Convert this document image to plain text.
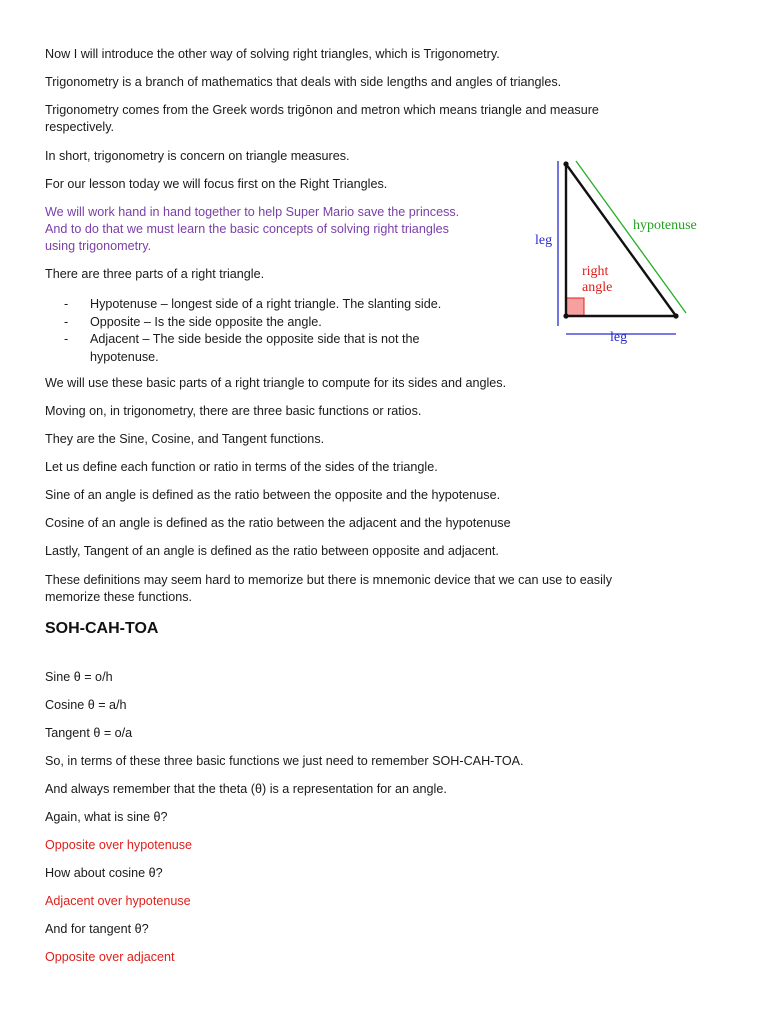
Now I will introduce the other way of solving right triangles, which is Trigonometry.

Trigonometry is a branch of mathematics that deals with side lengths and angles of triangles.

Trigonometry comes from the Greek words trigōnon and metron which means triangle and measure

respectively.

In short, trigonometry is concern on triangle measures.

For our lesson today we will focus first on the Right Triangles.

We will work hand in hand together to help Super Mario save the princess.

And to do that we must learn the basic concepts of solving right triangles

using trigonometry.

There are three parts of a right triangle.

- Hypotenuse – longest side of a right triangle. The slanting side.
- Opposite – Is the side opposite the angle.
- Adjacent – The side beside the opposite side that is not the hypotenuse.
leg
leg
hypotenuse
right
angle

We will use these basic parts of a right triangle to compute for its sides and angles.

Moving on, in trigonometry, there are three basic functions or ratios.

They are the Sine, Cosine, and Tangent functions.

Let us define each function or ratio in terms of the sides of the triangle.

Sine of an angle is defined as the ratio between the opposite and the hypotenuse.

Cosine of an angle is defined as the ratio between the adjacent and the hypotenuse

Lastly, Tangent of an angle is defined as the ratio between opposite and adjacent.

These definitions may seem hard to memorize but there is mnemonic device that we can use to easily

memorize these functions.

SOH-CAH-TOA

Sine θ = o/h

Cosine θ = a/h

Tangent θ = o/a

So, in terms of these three basic functions we just need to remember SOH-CAH-TOA.

And always remember that the theta (θ) is a representation for an angle.

Again, what is sine θ?

Opposite over hypotenuse

How about cosine θ?

Adjacent over hypotenuse

And for tangent θ?

Opposite over adjacent
